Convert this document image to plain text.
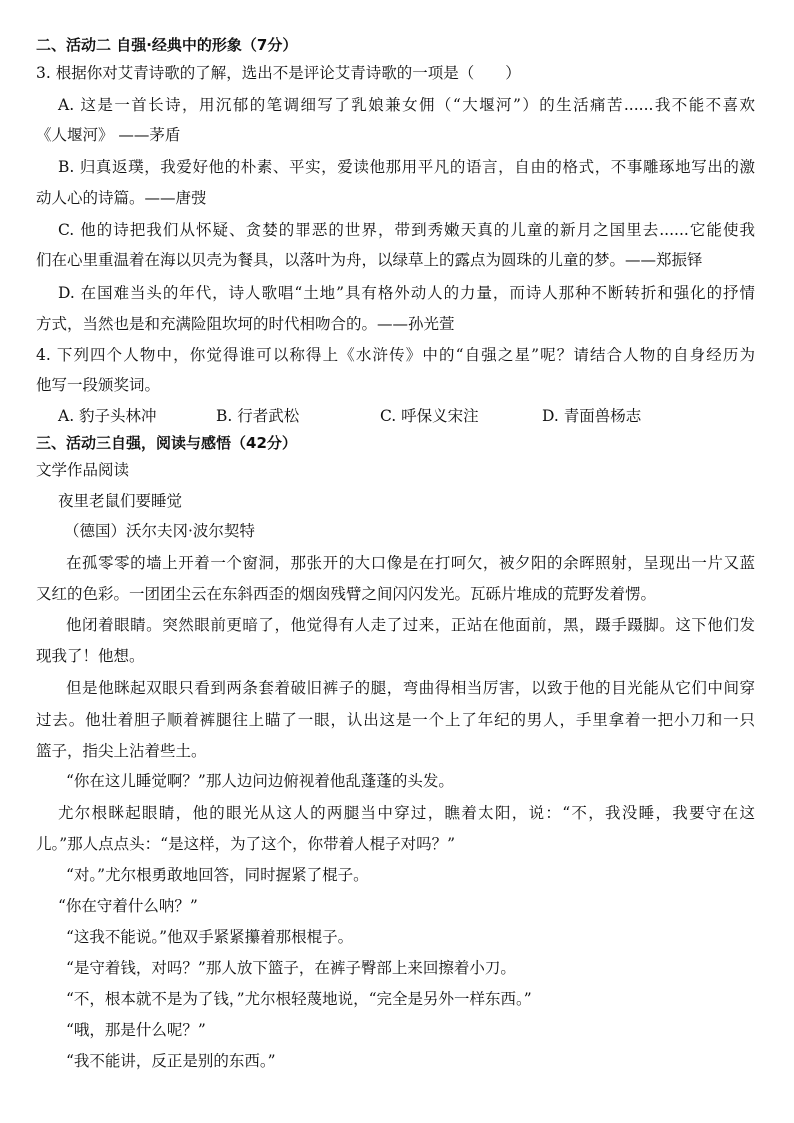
二、活动二 自强·经典中的形象（7分）
3. 根据你对艾青诗歌的了解，选出不是评论艾青诗歌的一项是（　　）
A. 这是一首长诗，用沉郁的笔调细写了乳娘兼女佣（“大堰河”）的生活痛苦......我不能不喜欢
《人堰河》 ——茅盾
B. 归真返璞，我爱好他的朴素、平实，爱读他那用平凡的语言，自由的格式，不事雕琢地写出的激
动人心的诗篇。——唐弢
C. 他的诗把我们从怀疑、贪婪的罪恶的世界，带到秀嫩天真的儿童的新月之国里去......它能使我
们在心里重温着在海以贝壳为餐具，以落叶为舟，以绿草上的露点为圆珠的儿童的梦。——郑振铎
D. 在国难当头的年代，诗人歌唱“土地”具有格外动人的力量，而诗人那种不断转折和强化的抒情
方式，当然也是和充满险阻坎坷的时代相吻合的。——孙光萱
4. 下列四个人物中，你觉得谁可以称得上《水浒传》中的“自强之星”呢？请结合人物的自身经历为
他写一段颁奖词。
A. 豹子头林冲	B. 行者武松	C. 呼保义宋注	D. 青面兽杨志
三、活动三自强，阅读与感悟（42分）
文学作品阅读
夜里老鼠们要睡觉
（德国）沃尔夫冈·波尔契特
在孤零零的墙上开着一个窗洞，那张开的大口像是在打呵欠，被夕阳的余晖照射，呈现出一片又蓝
又红的色彩。一团团尘云在东斜西歪的烟囱残臂之间闪闪发光。瓦砾片堆成的荒野发着愣。
他闭着眼睛。突然眼前更暗了，他觉得有人走了过来，正站在他面前，黑，蹑手蹑脚。这下他们发
现我了！他想。
但是他眯起双眼只看到两条套着破旧裤子的腿，弯曲得相当厉害，以致于他的目光能从它们中间穿
过去。他壮着胆子顺着裤腿往上瞄了一眼，认出这是一个上了年纪的男人，手里拿着一把小刀和一只
篮子，指尖上沾着些土。
“你在这儿睡觉啊？”那人边问边俯视着他乱蓬蓬的头发。
尤尔根眯起眼睛，他的眼光从这人的两腿当中穿过，瞧着太阳，说：“不，我没睡，我要守在这
儿。”那人点点头：“是这样，为了这个，你带着人棍子对吗？”
“对。”尤尔根勇敢地回答，同时握紧了棍子。
“你在守着什么呐？”
“这我不能说。”他双手紧紧攥着那根棍子。
“是守着钱，对吗？”那人放下篮子，在裤子臀部上来回擦着小刀。
“不，根本就不是为了钱，”尤尔根轻蔑地说，“完全是另外一样东西。”
“哦，那是什么呢？”
“我不能讲，反正是别的东西。”
